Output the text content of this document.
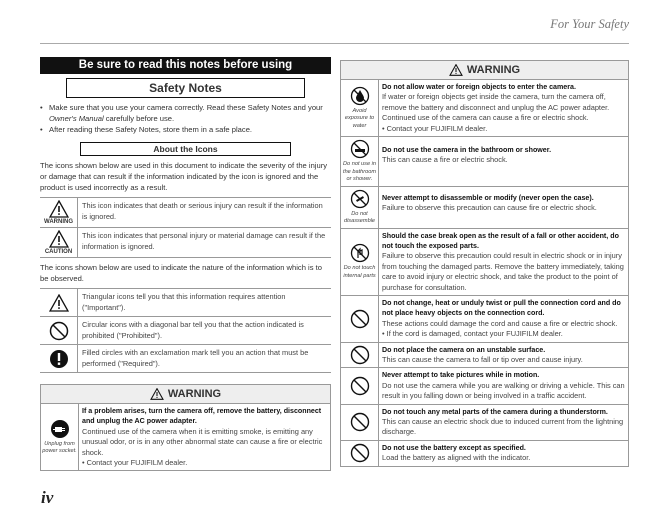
For Your Safety
iv
Be sure to read this notes before using
Safety Notes
• Make sure that you use your camera correctly. Read these Safety Notes and your Owner's Manual carefully before use.
• After reading these Safety Notes, store them in a safe place.
About the Icons

The icons shown below are used in this document to indicate the severity of the injury or damage that can result if the information indicated by the icon is ignored and the product is used incorrectly as a result.

WARNING
This icon indicates that death or serious injury can result if the information is ignored.
CAUTION
This icon indicates that personal injury or material damage can result if the information is ignored.

The icons shown below are used to indicate the nature of the information which is to be observed.

Triangular icons tell you that this information requires attention ("Important").
Circular icons with a diagonal bar tell you that the action indicated is prohibited ("Prohibited").
Filled circles with an exclamation mark tell you an action that must be performed ("Required").
WARNING
Unplug from power socket.
If a problem arises, turn the camera off, remove the battery, disconnect and unplug the AC power adapter.
Continued use of the camera when it is emitting smoke, is emitting any unusual odor, or is in any other abnormal state can cause a fire or electric shock.
• Contact your FUJIFILM dealer.
WARNING
Avoid exposure to water
Do not allow water or foreign objects to enter the camera.
If water or foreign objects get inside the camera, turn the camera off, remove the battery and disconnect and unplug the AC power adapter.
Continued use of the camera can cause a fire or electric shock.
• Contact your FUJIFILM dealer.
Do not use in the bathroom or shower.
Do not use the camera in the bathroom or shower.
This can cause a fire or electric shock.
Do not disassemble
Never attempt to disassemble or modify (never open the case).
Failure to observe this precaution can cause fire or electric shock.
Do not touch internal parts
Should the case break open as the result of a fall or other accident, do not touch the exposed parts.
Failure to observe this precaution could result in electric shock or in injury from touching the damaged parts. Remove the battery immediately, taking care to avoid injury or electric shock, and take the product to the point of purchase for consultation.
Do not change, heat or unduly twist or pull the connection cord and do not place heavy objects on the connection cord.
These actions could damage the cord and cause a fire or electric shock.
• If the cord is damaged, contact your FUJIFILM dealer.
Do not place the camera on an unstable surface.
This can cause the camera to fall or tip over and cause injury.
Never attempt to take pictures while in motion.
Do not use the camera while you are walking or driving a vehicle. This can result in you falling down or being involved in a traffic accident.
Do not touch any metal parts of the camera during a thunderstorm.
This can cause an electric shock due to induced current from the lightning discharge.
Do not use the battery except as specified.
Load the battery as aligned with the indicator.
